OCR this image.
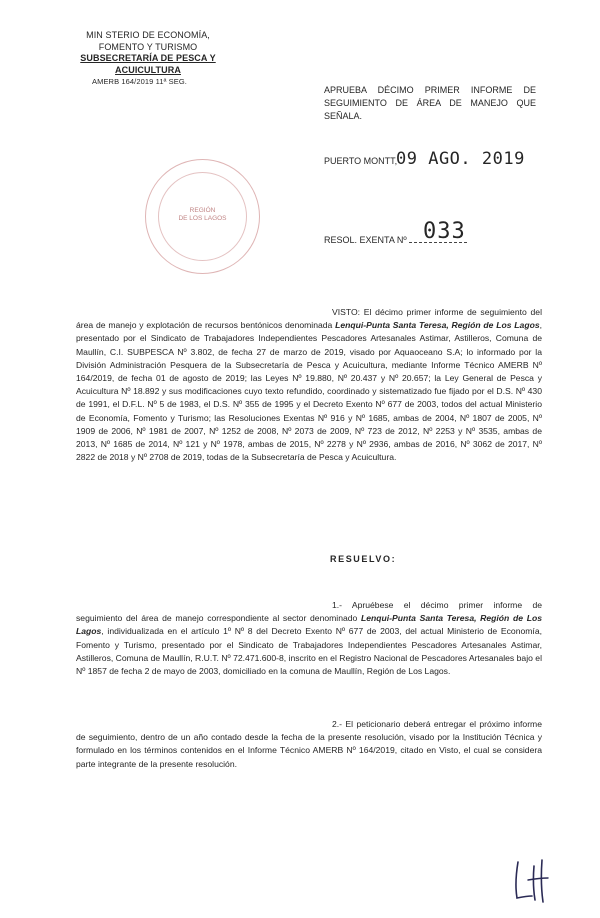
MIN STERIO DE ECONOMÍA,
FOMENTO Y TURISMO
SUBSECRETARÍA DE PESCA Y ACUICULTURA
AMERB 164/2019 11ª SEG.
APRUEBA DÉCIMO PRIMER INFORME DE SEGUIMIENTO DE ÁREA DE MANEJO QUE SEÑALA.
PUERTO MONTT,
09 AGO. 2019
REGIÓN
DE LOS LAGOS
RESOL. EXENTA Nº 033
VISTO: El décimo primer informe de seguimiento del área de manejo y explotación de recursos bentónicos denominada Lenqui-Punta Santa Teresa, Región de Los Lagos, presentado por el Sindicato de Trabajadores Independientes Pescadores Artesanales Astimar, Astilleros, Comuna de Maullín, C.I. SUBPESCA Nº 3.802, de fecha 27 de marzo de 2019, visado por Aquaoceano S.A; lo informado por la División Administración Pesquera de la Subsecretaría de Pesca y Acuicultura, mediante Informe Técnico AMERB Nº 164/2019, de fecha 01 de agosto de 2019; las Leyes Nº 19.880, Nº 20.437 y Nº 20.657; la Ley General de Pesca y Acuicultura Nº 18.892 y sus modificaciones cuyo texto refundido, coordinado y sistematizado fue fijado por el D.S. Nº 430 de 1991, el D.F.L. Nº 5 de 1983, el D.S. Nº 355 de 1995 y el Decreto Exento Nº 677 de 2003, todos del actual Ministerio de Economía, Fomento y Turismo; las Resoluciones Exentas Nº 916 y Nº 1685, ambas de 2004, Nº 1807 de 2005, Nº 1909 de 2006, Nº 1981 de 2007, Nº 1252 de 2008, Nº 2073 de 2009, Nº 723 de 2012, Nº 2253 y Nº 3535, ambas de 2013, Nº 1685 de 2014, Nº 121 y Nº 1978, ambas de 2015, Nº 2278 y Nº 2936, ambas de 2016, Nº 3062 de 2017, Nº 2822 de 2018 y Nº 2708 de 2019, todas de la Subsecretaría de Pesca y Acuicultura.
RESUELVO:
1.- Apruébese el décimo primer informe de seguimiento del área de manejo correspondiente al sector denominado Lenqui-Punta Santa Teresa, Región de Los Lagos, individualizada en el artículo 1º Nº 8 del Decreto Exento Nº 677 de 2003, del actual Ministerio de Economía, Fomento y Turismo, presentado por el Sindicato de Trabajadores Independientes Pescadores Artesanales Astimar, Astilleros, Comuna de Maullín, R.U.T. Nº 72.471.600-8, inscrito en el Registro Nacional de Pescadores Artesanales bajo el Nº 1857 de fecha 2 de mayo de 2003, domiciliado en la comuna de Maullín, Región de Los Lagos.
2.- El peticionario deberá entregar el próximo informe de seguimiento, dentro de un año contado desde la fecha de la presente resolución, visado por la Institución Técnica y formulado en los términos contenidos en el Informe Técnico AMERB Nº 164/2019, citado en Visto, el cual se considera parte integrante de la presente resolución.
